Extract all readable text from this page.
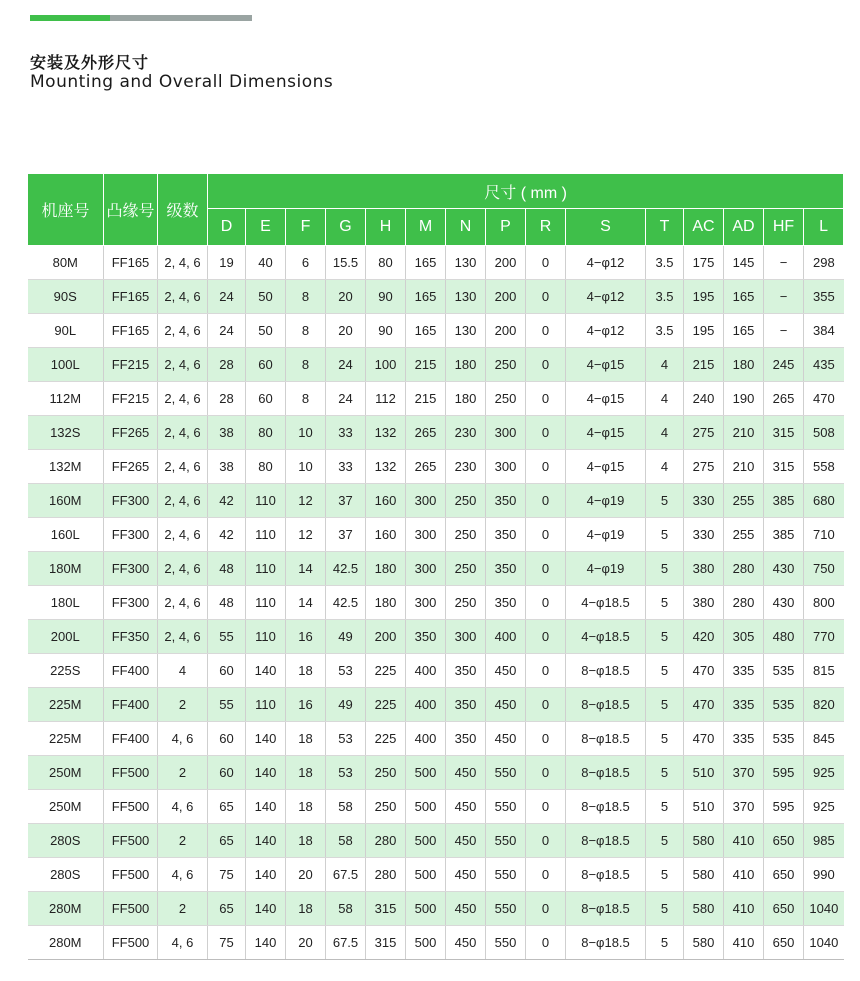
安装及外形尺寸
Mounting and Overall Dimensions
机座号	凸缘号	级数	尺寸 ( mm )														
			D	E	F	G	H	M	N	P	R	S	T	AC	AD	HF	L
80M	FF165	2, 4, 6	19	40	6	15.5	80	165	130	200	0	4−φ12	3.5	175	145	−	298
90S	FF165	2, 4, 6	24	50	8	20	90	165	130	200	0	4−φ12	3.5	195	165	−	355
90L	FF165	2, 4, 6	24	50	8	20	90	165	130	200	0	4−φ12	3.5	195	165	−	384
100L	FF215	2, 4, 6	28	60	8	24	100	215	180	250	0	4−φ15	4	215	180	245	435
112M	FF215	2, 4, 6	28	60	8	24	112	215	180	250	0	4−φ15	4	240	190	265	470
132S	FF265	2, 4, 6	38	80	10	33	132	265	230	300	0	4−φ15	4	275	210	315	508
132M	FF265	2, 4, 6	38	80	10	33	132	265	230	300	0	4−φ15	4	275	210	315	558
160M	FF300	2, 4, 6	42	110	12	37	160	300	250	350	0	4−φ19	5	330	255	385	680
160L	FF300	2, 4, 6	42	110	12	37	160	300	250	350	0	4−φ19	5	330	255	385	710
180M	FF300	2, 4, 6	48	110	14	42.5	180	300	250	350	0	4−φ19	5	380	280	430	750
180L	FF300	2, 4, 6	48	110	14	42.5	180	300	250	350	0	4−φ18.5	5	380	280	430	800
200L	FF350	2, 4, 6	55	110	16	49	200	350	300	400	0	4−φ18.5	5	420	305	480	770
225S	FF400	4	60	140	18	53	225	400	350	450	0	8−φ18.5	5	470	335	535	815
225M	FF400	2	55	110	16	49	225	400	350	450	0	8−φ18.5	5	470	335	535	820
225M	FF400	4, 6	60	140	18	53	225	400	350	450	0	8−φ18.5	5	470	335	535	845
250M	FF500	2	60	140	18	53	250	500	450	550	0	8−φ18.5	5	510	370	595	925
250M	FF500	4, 6	65	140	18	58	250	500	450	550	0	8−φ18.5	5	510	370	595	925
280S	FF500	2	65	140	18	58	280	500	450	550	0	8−φ18.5	5	580	410	650	985
280S	FF500	4, 6	75	140	20	67.5	280	500	450	550	0	8−φ18.5	5	580	410	650	990
280M	FF500	2	65	140	18	58	315	500	450	550	0	8−φ18.5	5	580	410	650	1040
280M	FF500	4, 6	75	140	20	67.5	315	500	450	550	0	8−φ18.5	5	580	410	650	1040
